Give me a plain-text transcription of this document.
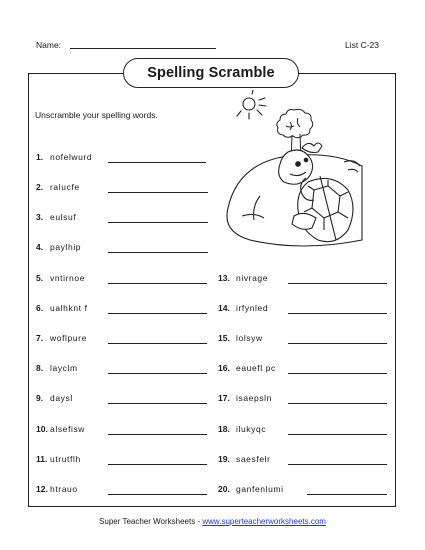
Name:	List C-23
Spelling Scramble
Unscramble your spelling words.
1. nofelwurd
2. ralucfe
3. eulsuf
4. paylhip
5. vntirnoe
6. ualhknt f
7. woflpure
8. layclm
9. daysl
10. alsefisw
11. utrutflh
12. htrauo
13. nivrage
14. irfynled
15. lolsyw
16. eauefl pc
17. isaepsln
18. ilukyqc
19. saesfelr
20. ganfenlumi
Super Teacher Worksheets - www.superteacherworksheets.com
